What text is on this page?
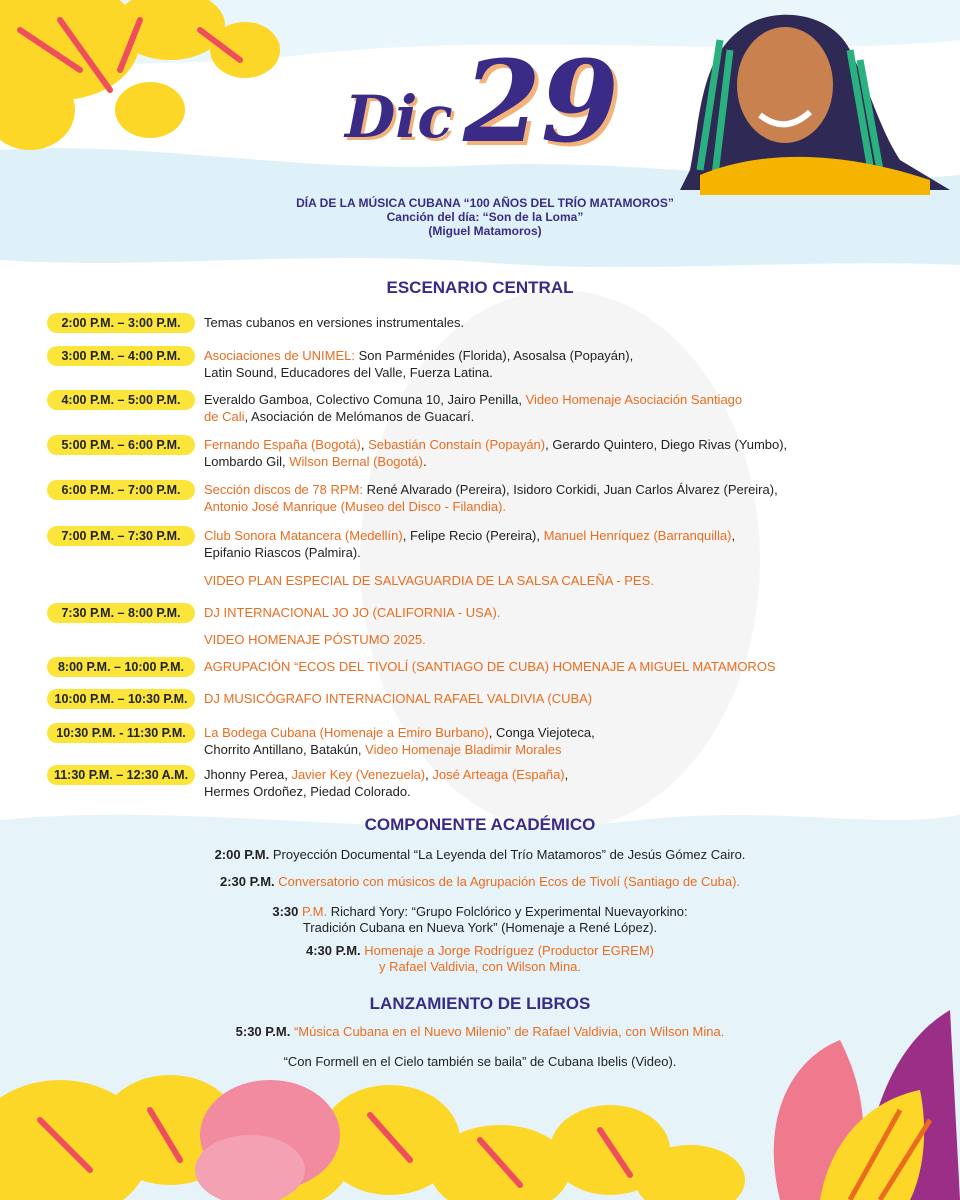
Dic 29
DÍA DE LA MÚSICA CUBANA “100 AÑOS DEL TRÍO MATAMOROS”
Canción del día: “Son de la Loma”
(Miguel Matamoros)
ESCENARIO CENTRAL
2:00 P.M. – 3:00 P.M.	Temas cubanos en versiones instrumentales.
3:00 P.M. – 4:00 P.M.	Asociaciones de UNIMEL: Son Parménides (Florida), Asosalsa (Popayán),
Latin Sound, Educadores del Valle, Fuerza Latina.
4:00 P.M. – 5:00 P.M.	Everaldo Gamboa, Colectivo Comuna 10, Jairo Penilla, Video Homenaje Asociación Santiago
de Cali, Asociación de Melómanos de Guacarí.
5:00 P.M. – 6:00 P.M.	Fernando España (Bogotá), Sebastián Constaín (Popayán), Gerardo Quintero, Diego Rivas (Yumbo),
Lombardo Gil, Wilson Bernal (Bogotá).
6:00 P.M. – 7:00 P.M.	Sección discos de 78 RPM: René Alvarado (Pereira), Isidoro Corkidi, Juan Carlos Álvarez (Pereira),
Antonio José Manrique (Museo del Disco - Filandia).
7:00 P.M. – 7:30 P.M.	Club Sonora Matancera (Medellín), Felipe Recio (Pereira), Manuel Henríquez (Barranquilla),
Epifanio Riascos (Palmira).
7:30 P.M. – 8:00 P.M.	DJ INTERNACIONAL JO JO (CALIFORNIA - USA).
8:00 P.M. – 10:00 P.M.	AGRUPACIÓN “ECOS DEL TIVOLÍ (SANTIAGO DE CUBA) HOMENAJE A MIGUEL MATAMOROS
10:00 P.M. – 10:30 P.M.	DJ MUSICÓGRAFO INTERNACIONAL RAFAEL VALDIVIA (CUBA)
10:30 P.M. - 11:30 P.M.	La Bodega Cubana (Homenaje a Emiro Burbano), Conga Viejoteca,
Chorrito Antillano, Batakún, Video Homenaje Bladimir Morales
11:30 P.M. – 12:30 A.M.	Jhonny Perea, Javier Key (Venezuela), José Arteaga (España),
Hermes Ordoñez, Piedad Colorado.
VIDEO PLAN ESPECIAL DE SALVAGUARDIA DE LA SALSA CALEÑA - PES.
VIDEO HOMENAJE PÓSTUMO 2025.
COMPONENTE ACADÉMICO
2:00 P.M. Proyección Documental “La Leyenda del Trío Matamoros” de Jesús Gómez Cairo.
2:30 P.M. Conversatorio con músicos de la Agrupación Ecos de Tivolí (Santiago de Cuba).
3:30 P.M. Richard Yory: “Grupo Folclórico y Experimental Nuevayorkino:
Tradición Cubana en Nueva York” (Homenaje a René López).
4:30 P.M. Homenaje a Jorge Rodríguez (Productor EGREM)
y Rafael Valdivia, con Wilson Mina.
LANZAMIENTO DE LIBROS
5:30 P.M. “Música Cubana en el Nuevo Milenio” de Rafael Valdivia, con Wilson Mina.
“Con Formell en el Cielo también se baila” de Cubana Ibelis (Video).
